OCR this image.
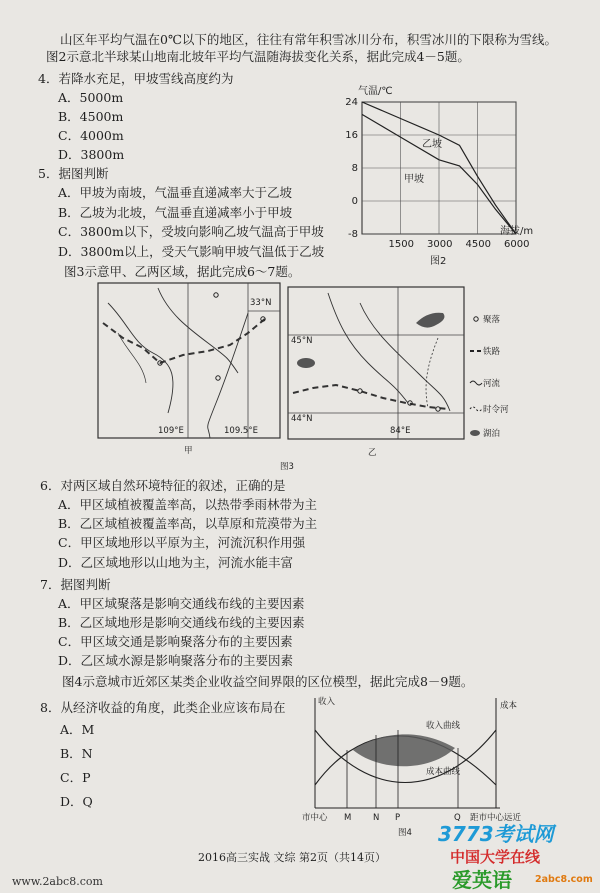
山区年平均气温在0℃以下的地区，往往有常年积雪冰川分布，积雪冰川的下限称为雪线。
图2示意北半球某山地南北坡年平均气温随海拔变化关系，据此完成4－5题。
4．若降水充足，甲坡雪线高度约为
A．5000m
B．4500m
C．4000m
D．3800m
5．据图判断
A．甲坡为南坡，气温垂直递减率大于乙坡
B．乙坡为北坡，气温垂直递减率小于甲坡
C．3800m以下，受坡向影响乙坡气温高于甲坡
D．3800m以上，受天气影响甲坡气温低于乙坡
图3示意甲、乙两区域，据此完成6～7题。
1500 3000 4500 6000
24
16
8
0
-8
气温/℃
海拔/m
乙坡
甲坡
图2
33°N
109°E	109.5°E
甲
45°N
44°N
84°E
乙
聚落
铁路
河流
时令河
湖泊
图3
6．对两区域自然环境特征的叙述，正确的是
A．甲区域植被覆盖率高，以热带季雨林带为主
B．乙区域植被覆盖率高，以草原和荒漠带为主
C．甲区域地形以平原为主，河流沉积作用强
D．乙区域地形以山地为主，河流水能丰富
7．据图判断
A．甲区域聚落是影响交通线布线的主要因素
B．乙区域地形是影响交通线布线的主要因素
C．甲区域交通是影响聚落分布的主要因素
D．乙区域水源是影响聚落分布的主要因素
图4示意城市近郊区某类企业收益空间界限的区位模型，据此完成8－9题。
8．从经济收益的角度，此类企业应该布局在
A．M
B．N
C．P
D．Q
收入	成本
收入曲线
成本曲线
市中心 M	N P	Q 距市中心远近
图4
2016高三实战 文综 第2页（共14页）
www.2abc8.com
3773考试网
中国大学在线
爱英语 2abc8.com
